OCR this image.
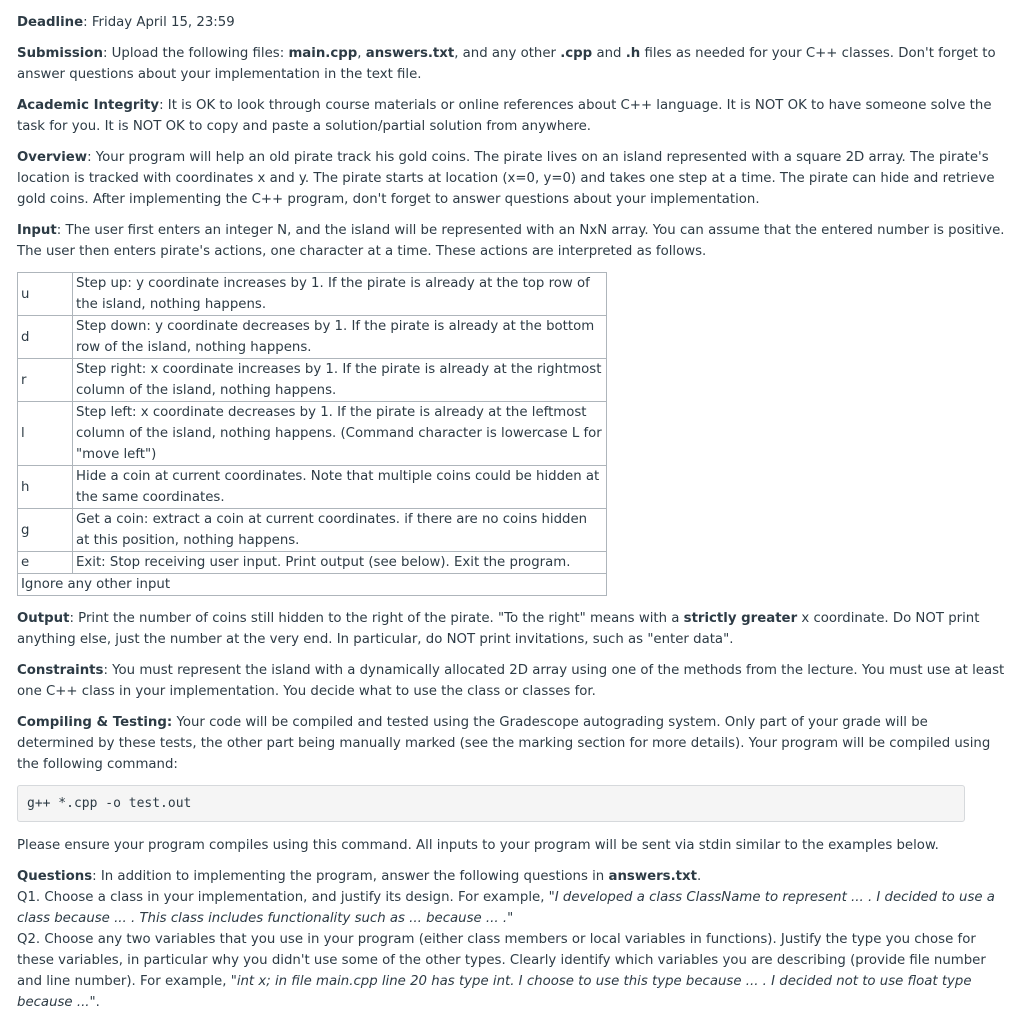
Deadline: Friday April 15, 23:59

Submission: Upload the following files: main.cpp, answers.txt, and any other .cpp and .h files as needed for your C++ classes. Don't forget to answer questions about your implementation in the text file.

Academic Integrity: It is OK to look through course materials or online references about C++ language. It is NOT OK to have someone solve the task for you. It is NOT OK to copy and paste a solution/partial solution from anywhere.

Overview: Your program will help an old pirate track his gold coins. The pirate lives on an island represented with a square 2D array. The pirate's location is tracked with coordinates x and y. The pirate starts at location (x=0, y=0) and takes one step at a time. The pirate can hide and retrieve gold coins. After implementing the C++ program, don't forget to answer questions about your implementation.

Input: The user first enters an integer N, and the island will be represented with an NxN array. You can assume that the entered number is positive. The user then enters pirate's actions, one character at a time. These actions are interpreted as follows.

u	Step up: y coordinate increases by 1. If the pirate is already at the top row of the island, nothing happens.
d	Step down: y coordinate decreases by 1. If the pirate is already at the bottom row of the island, nothing happens.
r	Step right: x coordinate increases by 1. If the pirate is already at the rightmost column of the island, nothing happens.
l	Step left: x coordinate decreases by 1. If the pirate is already at the leftmost column of the island, nothing happens. (Command character is lowercase L for "move left")
h	Hide a coin at current coordinates. Note that multiple coins could be hidden at the same coordinates.
g	Get a coin: extract a coin at current coordinates. if there are no coins hidden at this position, nothing happens.
e	Exit: Stop receiving user input. Print output (see below). Exit the program.
Ignore any other input	

Output: Print the number of coins still hidden to the right of the pirate. "To the right" means with a strictly greater x coordinate. Do NOT print anything else, just the number at the very end. In particular, do NOT print invitations, such as "enter data".

Constraints: You must represent the island with a dynamically allocated 2D array using one of the methods from the lecture. You must use at least one C++ class in your implementation. You decide what to use the class or classes for.

Compiling & Testing: Your code will be compiled and tested using the Gradescope autograding system. Only part of your grade will be determined by these tests, the other part being manually marked (see the marking section for more details). Your program will be compiled using the following command:

g++ *.cpp -o test.out

Please ensure your program compiles using this command. All inputs to your program will be sent via stdin similar to the examples below.

Questions: In addition to implementing the program, answer the following questions in answers.txt.

Q1. Choose a class in your implementation, and justify its design. For example, "I developed a class ClassName to represent ... . I decided to use a class because ... . This class includes functionality such as ... because ... ."

Q2. Choose any two variables that you use in your program (either class members or local variables in functions). Justify the type you chose for these variables, in particular why you didn't use some of the other types. Clearly identify which variables you are describing (provide file number and line number). For example, "int x; in file main.cpp line 20 has type int. I choose to use this type because ... . I decided not to use float type because ...".
